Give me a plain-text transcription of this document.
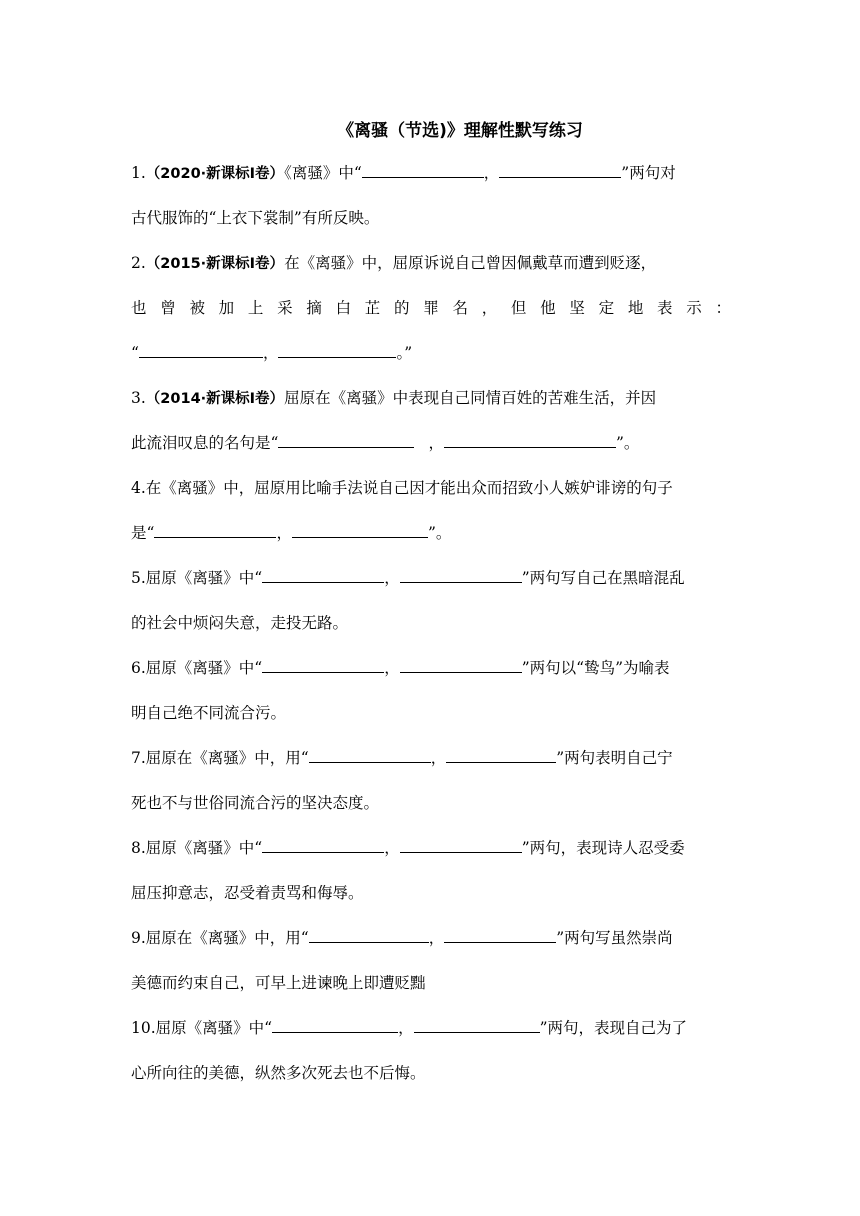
《离骚（节选)》理解性默写练习
1.（2020·新课标Ⅰ卷）《离骚》中“	，	”两句对
古代服饰的“上衣下裳制”有所反映。
2.（2015·新课标Ⅰ卷）在《离骚》中，屈原诉说自己曾因佩戴草而遭到贬逐，
也曾被加上采摘白芷的罪名，但他坚定地表示：
“	，	。”
3.（2014·新课标Ⅰ卷）屈原在《离骚》中表现自己同情百姓的苦难生活，并因
此流泪叹息的名句是“	，	”。
4.在《离骚》中，屈原用比喻手法说自己因才能出众而招致小人嫉妒诽谤的句子
是“	，	”。
5.屈原《离骚》中“	，	”两句写自己在黑暗混乱
的社会中烦闷失意，走投无路。
6.屈原《离骚》中“	，	”两句以“鸷鸟”为喻表
明自己绝不同流合污。
7.屈原在《离骚》中，用“	，	”两句表明自己宁
死也不与世俗同流合污的坚决态度。
8.屈原《离骚》中“	，	”两句，表现诗人忍受委
屈压抑意志，忍受着责骂和侮辱。
9.屈原在《离骚》中，用“	，	”两句写虽然崇尚
美德而约束自己，可早上进谏晚上即遭贬黜
10.屈原《离骚》中“	，	”两句，表现自己为了
心所向往的美德，纵然多次死去也不后悔。
